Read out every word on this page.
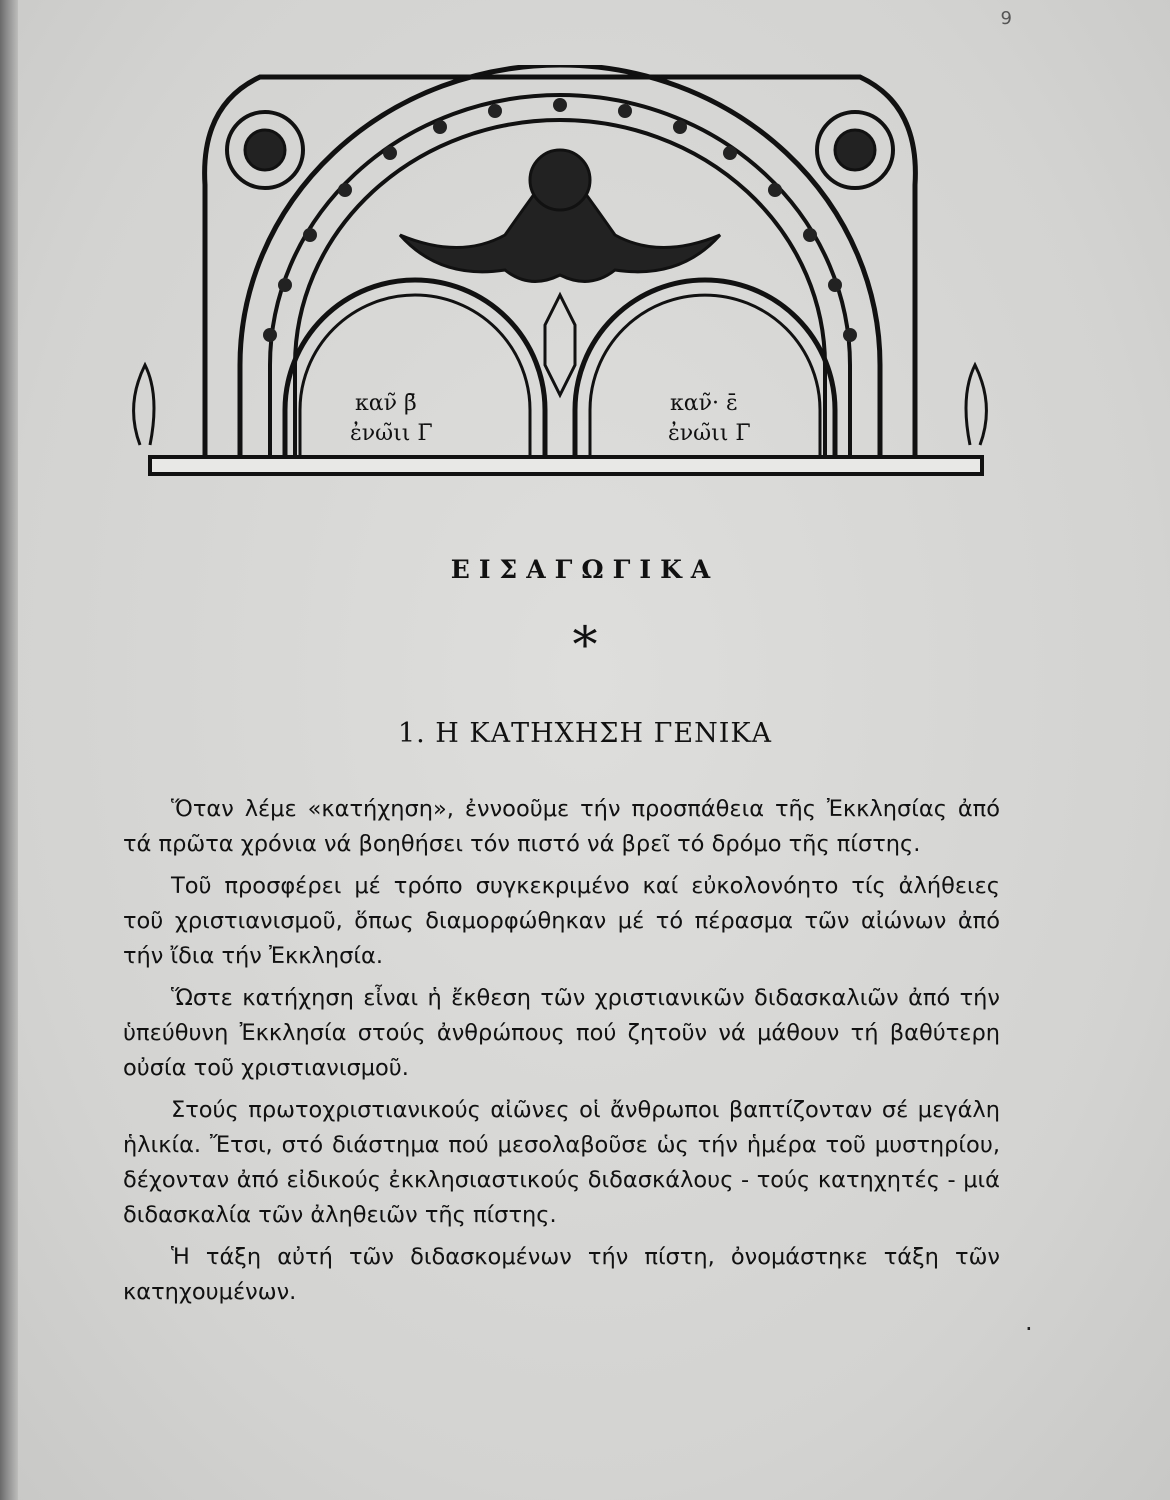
9
καν̃ β̄
ἐνω̃ιι Γ̄
καν̃· ε̄
ἐνω̃ιι Γ̄
ΕΙΣΑΓΩΓΙΚΑ
*
1. Η ΚΑΤΗΧΗΣΗ ΓΕΝΙΚΑ

Ὅταν λέμε «κατήχηση», ἐννοοῦμε τήν προσπάθεια τῆς Ἐκκλησίας ἀπό τά πρῶτα χρόνια νά βοηθήσει τόν πιστό νά βρεῖ τό δρόμο τῆς πίστης.

Τοῦ προσφέρει μέ τρόπο συγκεκριμένο καί εὐκολονόητο τίς ἀλήθειες τοῦ χριστιανισμοῦ, ὅπως διαμορφώθηκαν μέ τό πέρασμα τῶν αἰώνων ἀπό τήν ἴδια τήν Ἐκκλησία.

Ὥστε κατήχηση εἶναι ἡ ἔκθεση τῶν χριστιανικῶν διδασκαλιῶν ἀπό τήν ὑπεύθυνη Ἐκκλησία στούς ἀνθρώπους πού ζητοῦν νά μάθουν τή βαθύτερη οὐσία τοῦ χριστιανισμοῦ.

Στούς πρωτοχριστιανικούς αἰῶνες οἱ ἄνθρωποι βαπτίζονταν σέ μεγάλη ἡλικία. Ἔτσι, στό διάστημα πού μεσολαβοῦσε ὡς τήν ἡμέρα τοῦ μυστηρίου, δέχονταν ἀπό εἰδικούς ἐκκλησιαστικούς διδασκάλους - τούς κατηχητές - μιά διδασκαλία τῶν ἀληθειῶν τῆς πίστης.

Ἡ τάξη αὐτή τῶν διδασκομένων τήν πίστη, ὀνομάστηκε τάξη τῶν κατηχουμένων.

.
